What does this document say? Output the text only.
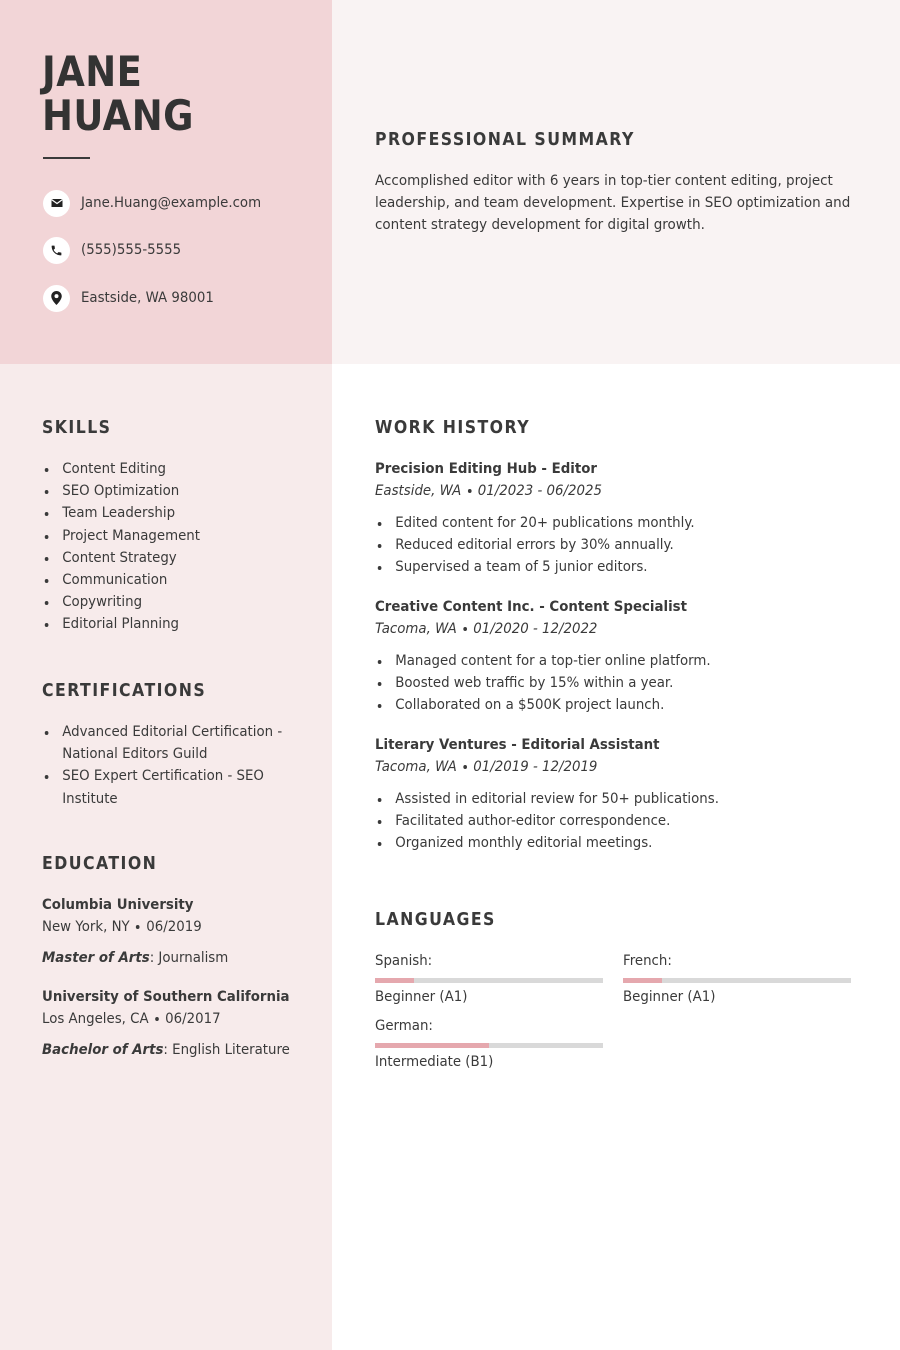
JANE
HUANG
Jane.Huang@example.com
(555)555-5555
Eastside, WA 98001
PROFESSIONAL SUMMARY
Accomplished editor with 6 years in top-tier content editing, project leadership, and team development. Expertise in SEO optimization and content strategy development for digital growth.
SKILLS
Content Editing
SEO Optimization
Team Leadership
Project Management
Content Strategy
Communication
Copywriting
Editorial Planning
CERTIFICATIONS
Advanced Editorial Certification - National Editors Guild
SEO Expert Certification - SEO Institute
EDUCATION
Columbia University
New York, NY 06/2019
Master of Arts: Journalism
University of Southern California
Los Angeles, CA 06/2017
Bachelor of Arts: English Literature
WORK HISTORY
Precision Editing Hub - Editor
Eastside, WA 01/2023 - 06/2025
Edited content for 20+ publications monthly.
Reduced editorial errors by 30% annually.
Supervised a team of 5 junior editors.
Creative Content Inc. - Content Specialist
Tacoma, WA 01/2020 - 12/2022
Managed content for a top-tier online platform.
Boosted web traffic by 15% within a year.
Collaborated on a $500K project launch.
Literary Ventures - Editorial Assistant
Tacoma, WA 01/2019 - 12/2019
Assisted in editorial review for 50+ publications.
Facilitated author-editor correspondence.
Organized monthly editorial meetings.
LANGUAGES
Spanish:
Beginner (A1)
French:
Beginner (A1)
German:
Intermediate (B1)
